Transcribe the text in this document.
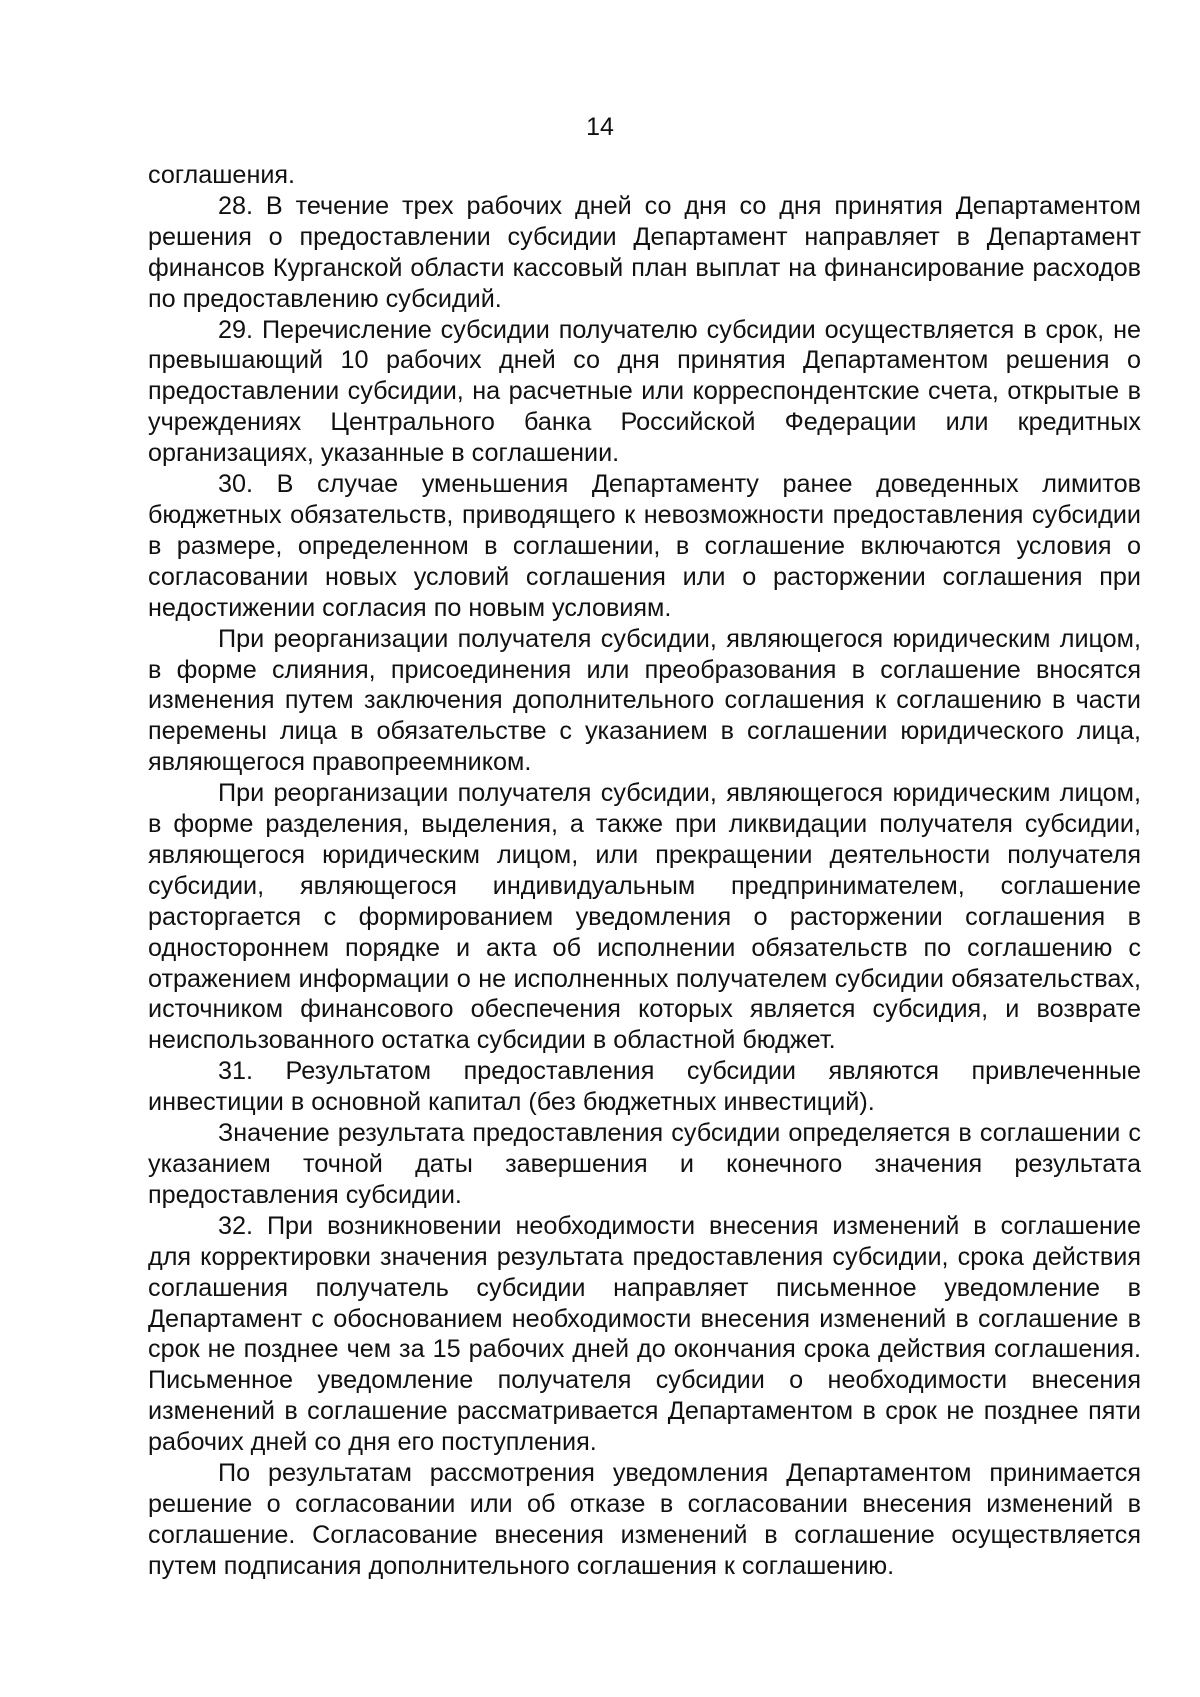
14

соглашения.

28. В течение трех рабочих дней со дня со дня принятия Департаментом решения о предоставлении субсидии Департамент направляет в Департамент финансов Курганской области кассовый план выплат на финансирование расходов по предоставлению субсидий.

29. Перечисление субсидии получателю субсидии осуществляется в срок, не превышающий 10 рабочих дней со дня принятия Департаментом решения о предоставлении субсидии, на расчетные или корреспондентские счета, открытые в учреждениях Центрального банка Российской Федерации или кредитных организациях, указанные в соглашении.

30. В случае уменьшения Департаменту ранее доведенных лимитов бюджетных обязательств, приводящего к невозможности предоставления субсидии в размере, определенном в соглашении, в соглашение включаются условия о согласовании новых условий соглашения или о расторжении соглашения при недостижении согласия по новым условиям.

При реорганизации получателя субсидии, являющегося юридическим лицом, в форме слияния, присоединения или преобразования в соглашение вносятся изменения путем заключения дополнительного соглашения к соглашению в части перемены лица в обязательстве с указанием в соглашении юридического лица, являющегося правопреемником.

При реорганизации получателя субсидии, являющегося юридическим лицом, в форме разделения, выделения, а также при ликвидации получателя субсидии, являющегося юридическим лицом, или прекращении деятельности получателя субсидии, являющегося индивидуальным предпринимателем, соглашение расторгается с формированием уведомления о расторжении соглашения в одностороннем порядке и акта об исполнении обязательств по соглашению с отражением информации о не исполненных получателем субсидии обязательствах, источником финансового обеспечения которых является субсидия, и возврате неиспользованного остатка субсидии в областной бюджет.

31. Результатом предоставления субсидии являются привлеченные инвестиции в основной капитал (без бюджетных инвестиций).

Значение результата предоставления субсидии определяется в соглашении с указанием точной даты завершения и конечного значения результата предоставления субсидии.

32. При возникновении необходимости внесения изменений в соглашение для корректировки значения результата предоставления субсидии, срока действия соглашения получатель субсидии направляет письменное уведомление в Департамент с обоснованием необходимости внесения изменений в соглашение в срок не позднее чем за 15 рабочих дней до окончания срока действия соглашения. Письменное уведомление получателя субсидии о необходимости внесения изменений в соглашение рассматривается Департаментом в срок не позднее пяти рабочих дней со дня его поступления.

По результатам рассмотрения уведомления Департаментом принимается решение о согласовании или об отказе в согласовании внесения изменений в соглашение. Согласование внесения изменений в соглашение осуществляется путем подписания дополнительного соглашения к соглашению.
